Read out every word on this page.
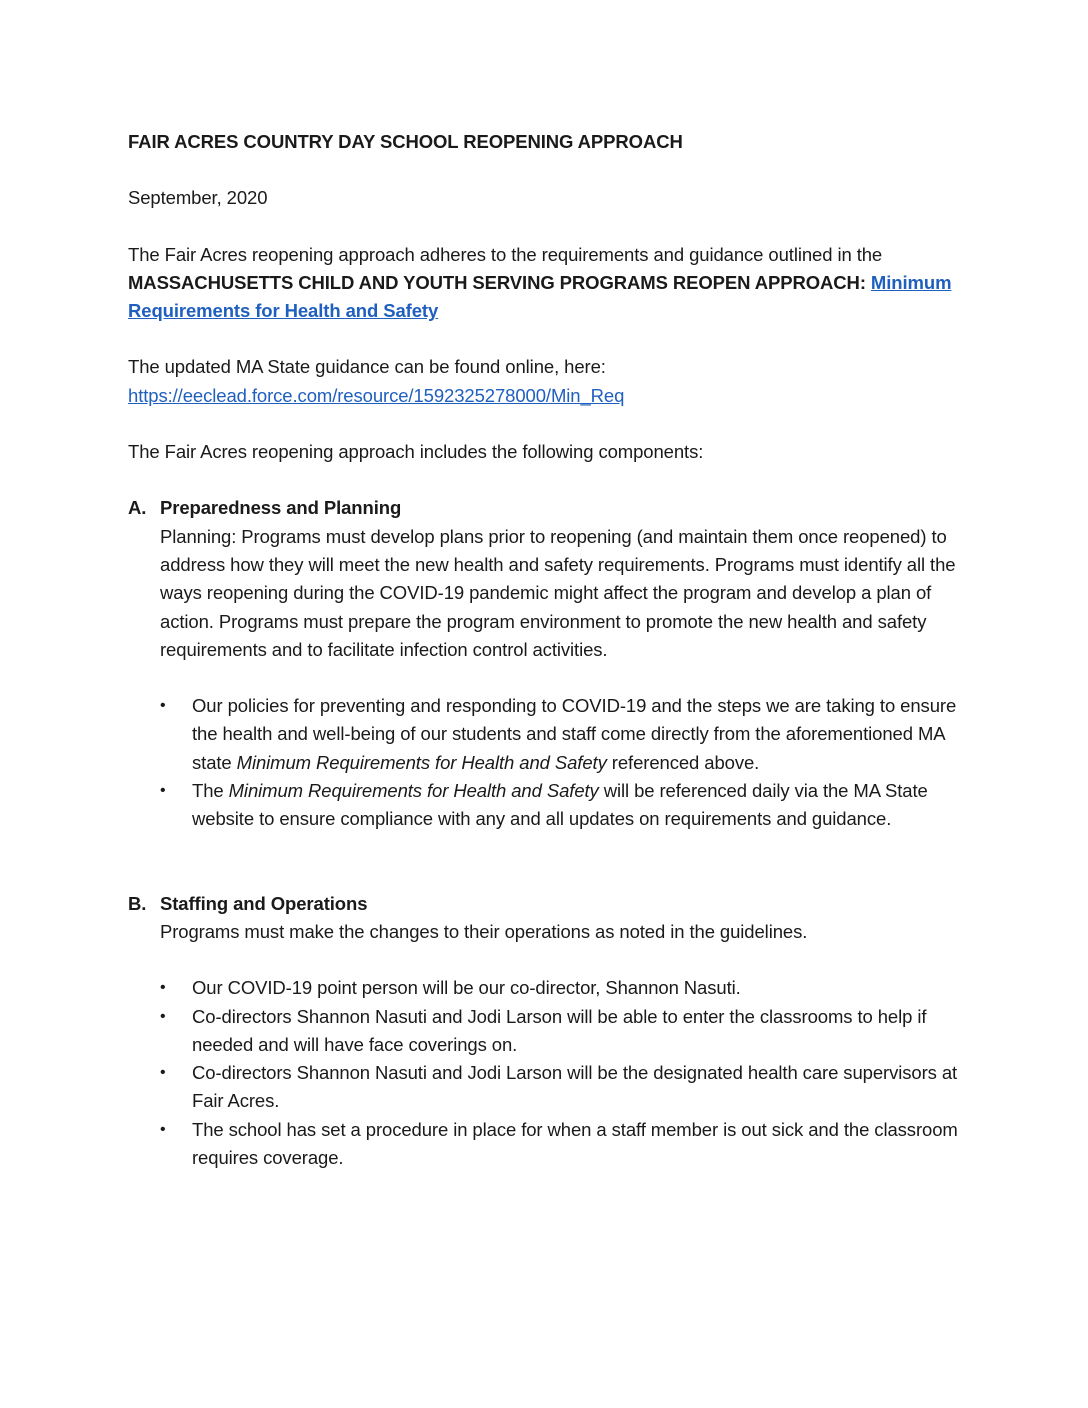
FAIR ACRES COUNTRY DAY SCHOOL REOPENING APPROACH

September, 2020

The Fair Acres reopening approach adheres to the requirements and guidance outlined in the MASSACHUSETTS CHILD AND YOUTH SERVING PROGRAMS REOPEN APPROACH: Minimum Requirements for Health and Safety

The updated MA State guidance can be found online, here:
https://eeclead.force.com/resource/1592325278000/Min_Req

The Fair Acres reopening approach includes the following components:

A. Preparedness and Planning

Planning: Programs must develop plans prior to reopening (and maintain them once reopened) to address how they will meet the new health and safety requirements. Programs must identify all the ways reopening during the COVID-19 pandemic might affect the program and develop a plan of action. Programs must prepare the program environment to promote the new health and safety requirements and to facilitate infection control activities.

• Our policies for preventing and responding to COVID-19 and the steps we are taking to ensure the health and well-being of our students and staff come directly from the aforementioned MA state Minimum Requirements for Health and Safety referenced above.
• The Minimum Requirements for Health and Safety will be referenced daily via the MA State website to ensure compliance with any and all updates on requirements and guidance.
B. Staffing and Operations

Programs must make the changes to their operations as noted in the guidelines.

• Our COVID-19 point person will be our co-director, Shannon Nasuti.
• Co-directors Shannon Nasuti and Jodi Larson will be able to enter the classrooms to help if needed and will have face coverings on.
• Co-directors Shannon Nasuti and Jodi Larson will be the designated health care supervisors at Fair Acres.
• The school has set a procedure in place for when a staff member is out sick and the classroom requires coverage.
